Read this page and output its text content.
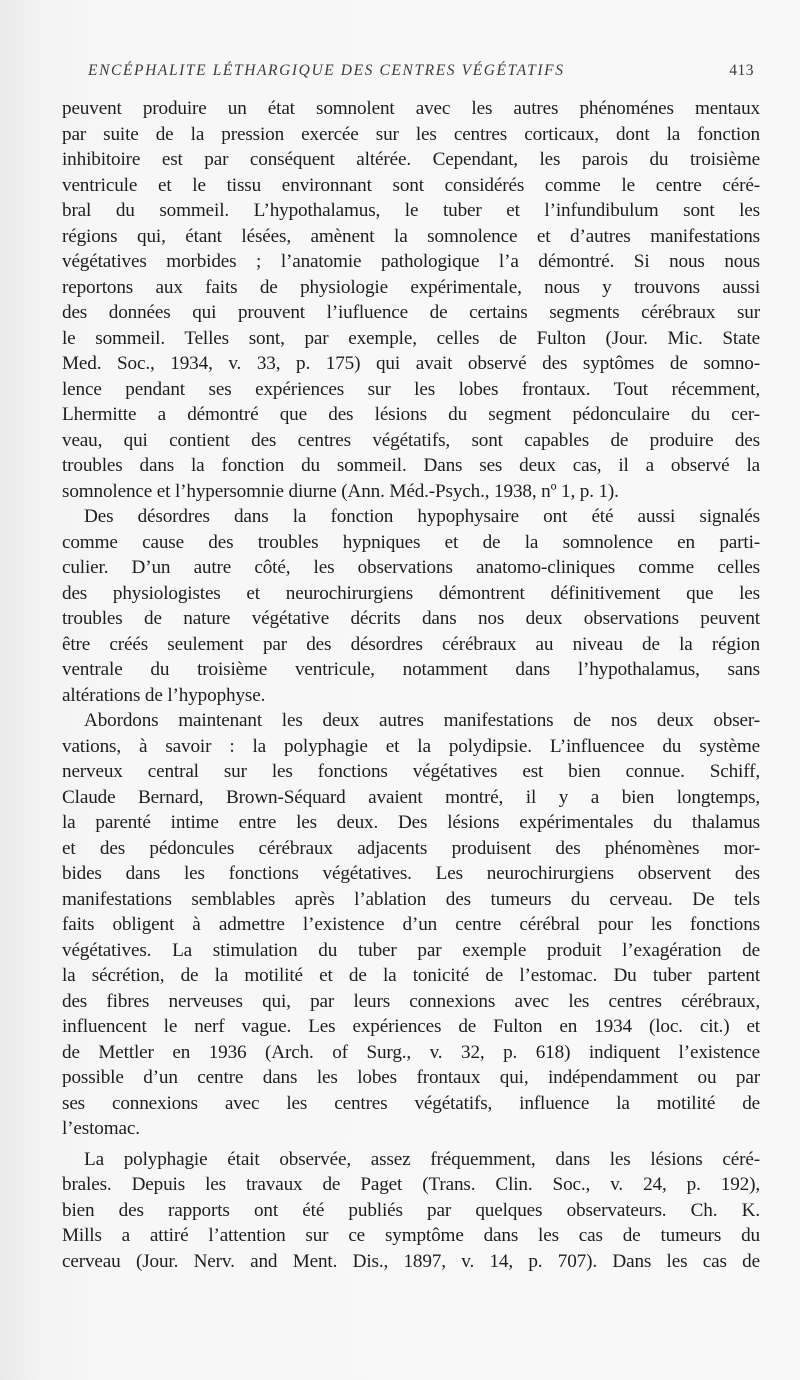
ENCÉPHALITE LÉTHARGIQUE DES CENTRES VÉGÉTATIFS	413
peuvent produire un état somnolent avec les autres phénoménes mentaux
par suite de la pression exercée sur les centres corticaux, dont la fonction
inhibitoire est par conséquent altérée. Cependant, les parois du troisième
ventricule et le tissu environnant sont considérés comme le centre céré-
bral du sommeil. L’hypothalamus, le tuber et l’infundibulum sont les
régions qui, étant lésées, amènent la somnolence et d’autres manifestations
végétatives morbides ; l’anatomie pathologique l’a démontré. Si nous nous
reportons aux faits de physiologie expérimentale, nous y trouvons aussi
des données qui prouvent l’iufluence de certains segments cérébraux sur
le sommeil. Telles sont, par exemple, celles de Fulton (Jour. Mic. State
Med. Soc., 1934, v. 33, p. 175) qui avait observé des syptômes de somno-
lence pendant ses expériences sur les lobes frontaux. Tout récemment,
Lhermitte a démontré que des lésions du segment pédonculaire du cer-
veau, qui contient des centres végétatifs, sont capables de produire des
troubles dans la fonction du sommeil. Dans ses deux cas, il a observé la
somnolence et l’hypersomnie diurne (Ann. Méd.-Psych., 1938, nº 1, p. 1).
Des désordres dans la fonction hypophysaire ont été aussi signalés
comme cause des troubles hypniques et de la somnolence en parti-
culier. D’un autre côté, les observations anatomo-cliniques comme celles
des physiologistes et neurochirurgiens démontrent définitivement que les
troubles de nature végétative décrits dans nos deux observations peuvent
être créés seulement par des désordres cérébraux au niveau de la région
ventrale du troisième ventricule, notamment dans l’hypothalamus, sans
altérations de l’hypophyse.
Abordons maintenant les deux autres manifestations de nos deux obser-
vations, à savoir : la polyphagie et la polydipsie. L’influencee du système
nerveux central sur les fonctions végétatives est bien connue. Schiff,
Claude Bernard, Brown-Séquard avaient montré, il y a bien longtemps,
la parenté intime entre les deux. Des lésions expérimentales du thalamus
et des pédoncules cérébraux adjacents produisent des phénomènes mor-
bides dans les fonctions végétatives. Les neurochirurgiens observent des
manifestations semblables après l’ablation des tumeurs du cerveau. De tels
faits obligent à admettre l’existence d’un centre cérébral pour les fonctions
végétatives. La stimulation du tuber par exemple produit l’exagération de
la sécrétion, de la motilité et de la tonicité de l’estomac. Du tuber partent
des fibres nerveuses qui, par leurs connexions avec les centres cérébraux,
influencent le nerf vague. Les expériences de Fulton en 1934 (loc. cit.) et
de Mettler en 1936 (Arch. of Surg., v. 32, p. 618) indiquent l’existence
possible d’un centre dans les lobes frontaux qui, indépendamment ou par
ses connexions avec les centres végétatifs, influence la motilité de
l’estomac.
La polyphagie était observée, assez fréquemment, dans les lésions céré-
brales. Depuis les travaux de Paget (Trans. Clin. Soc., v. 24, p. 192),
bien des rapports ont été publiés par quelques observateurs. Ch. K.
Mills a attiré l’attention sur ce symptôme dans les cas de tumeurs du
cerveau (Jour. Nerv. and Ment. Dis., 1897, v. 14, p. 707). Dans les cas de
